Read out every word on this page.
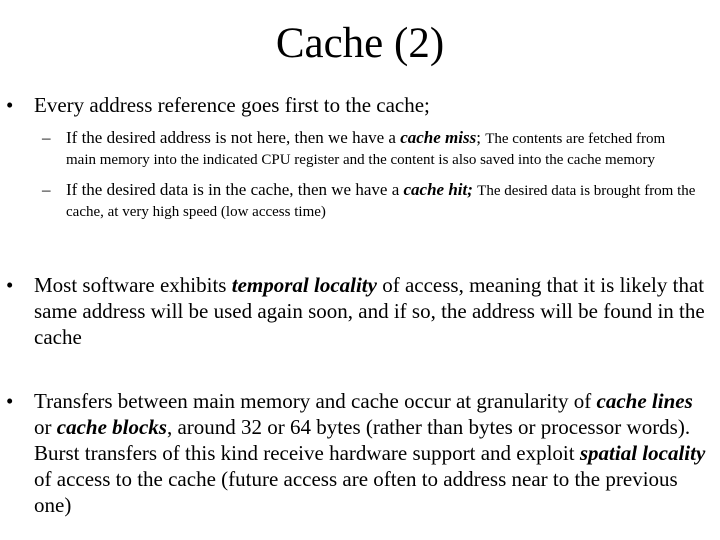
Cache (2)
• Every address reference goes first to the cache;
– If the desired address is not here, then we have a cache miss; The contents are fetched from main memory into the indicated CPU register and the content is also saved into the cache memory
– If the desired data is in the cache, then we have a cache hit; The desired data is brought from the cache, at very high speed (low access time)
• Most software exhibits temporal locality of access, meaning that it is likely that same address will be used again soon, and if so, the address will be found in the cache
• Transfers between main memory and cache occur at granularity of cache lines or cache blocks, around 32 or 64 bytes (rather than bytes or processor words). Burst transfers of this kind receive hardware support and exploit spatial locality of access to the cache (future access are often to address near to the previous one)
